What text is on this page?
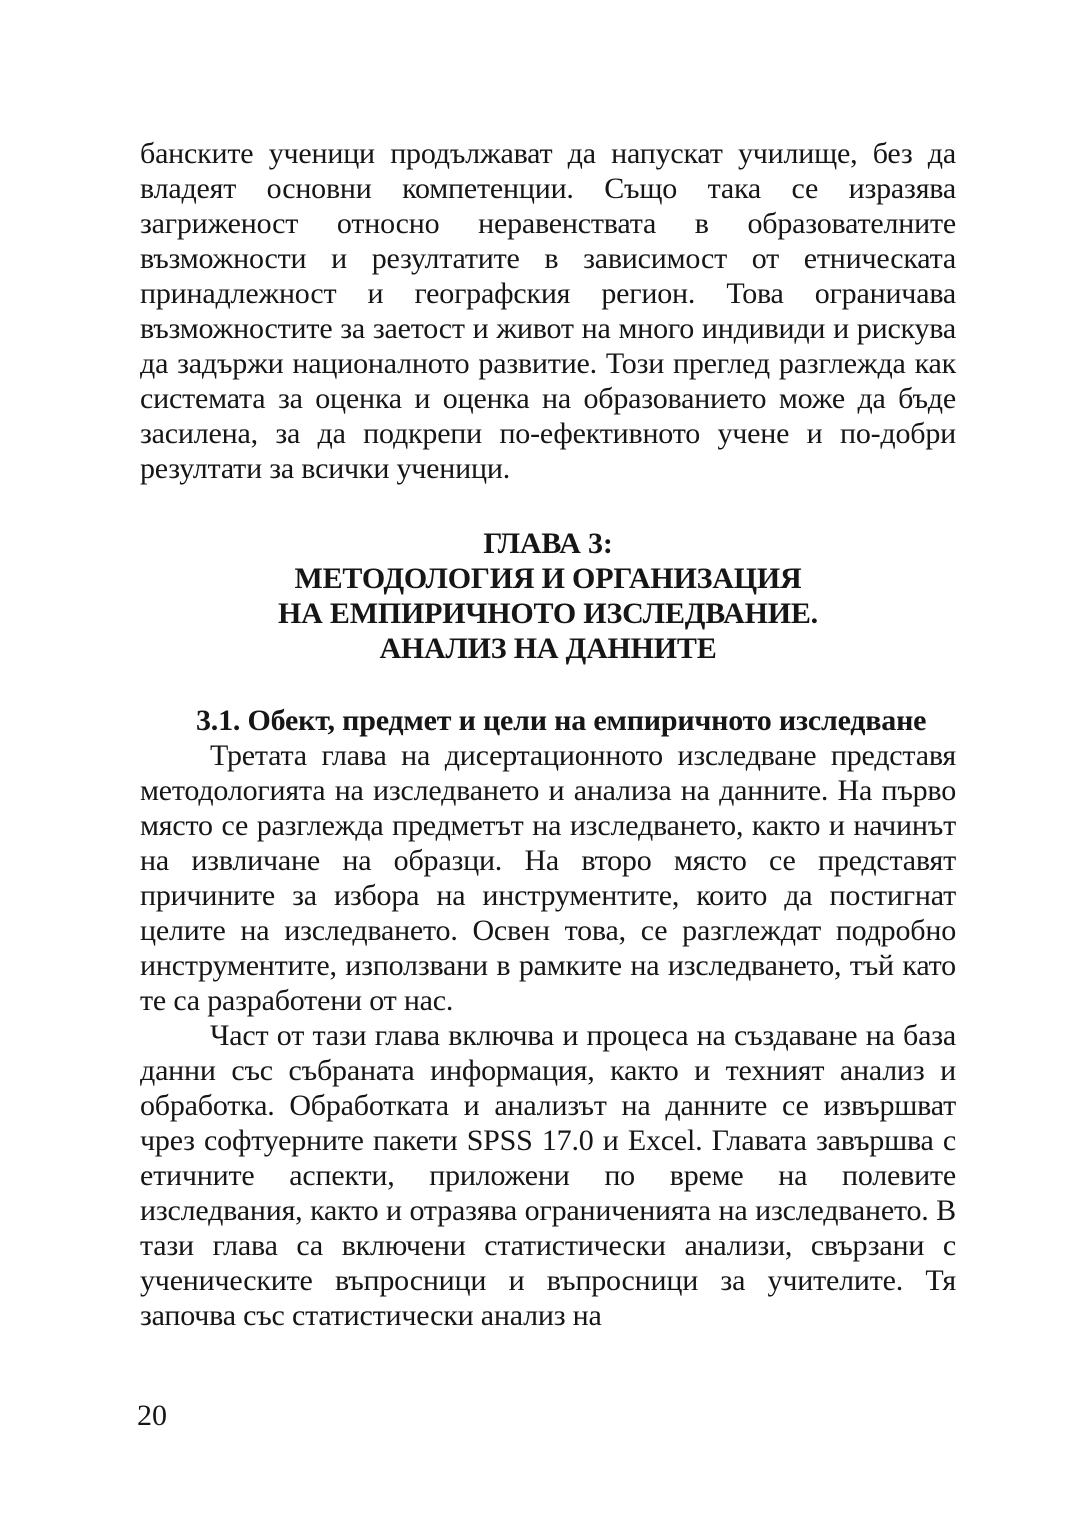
банските ученици продължават да напускат училище, без да владеят основни компетенции. Също така се изразява загриженост относно неравенствата в образователните възможности и резултатите в зависимост от етническата принадлежност и географския регион. Това ограничава възможностите за заетост и живот на много индивиди и рискува да задържи националното развитие. Този преглед разглежда как системата за оценка и оценка на образованието може да бъде засилена, за да подкрепи по-ефективното учене и по-добри резултати за всички ученици.

ГЛАВА 3:
МЕТОДОЛОГИЯ И ОРГАНИЗАЦИЯ
НА ЕМПИРИЧНОТО ИЗСЛЕДВАНИЕ.
АНАЛИЗ НА ДАННИТЕ
3.1. Обект, предмет и цели на емпиричното изследване

Третата глава на дисертационното изследване представя методологията на изследването и анализа на данните. На първо място се разглежда предметът на изследването, както и начинът на извличане на образци. На второ място се представят причините за избора на инструментите, които да постигнат целите на изследването. Освен това, се разглеждат подробно инструментите, използвани в рамките на изследването, тъй като те са разработени от нас.

Част от тази глава включва и процеса на създаване на база данни със събраната информация, както и техният анализ и обработка. Обработката и анализът на данните се извършват чрез софтуерните пакети SPSS 17.0 и Excel. Главата завършва с етичните аспекти, приложени по време на полевите изследвания, както и отразява ограниченията на изследването. В тази глава са включени статистически анализи, свързани с ученическите въпросници и въпросници за учителите. Тя започва със статистически анализ на

20
